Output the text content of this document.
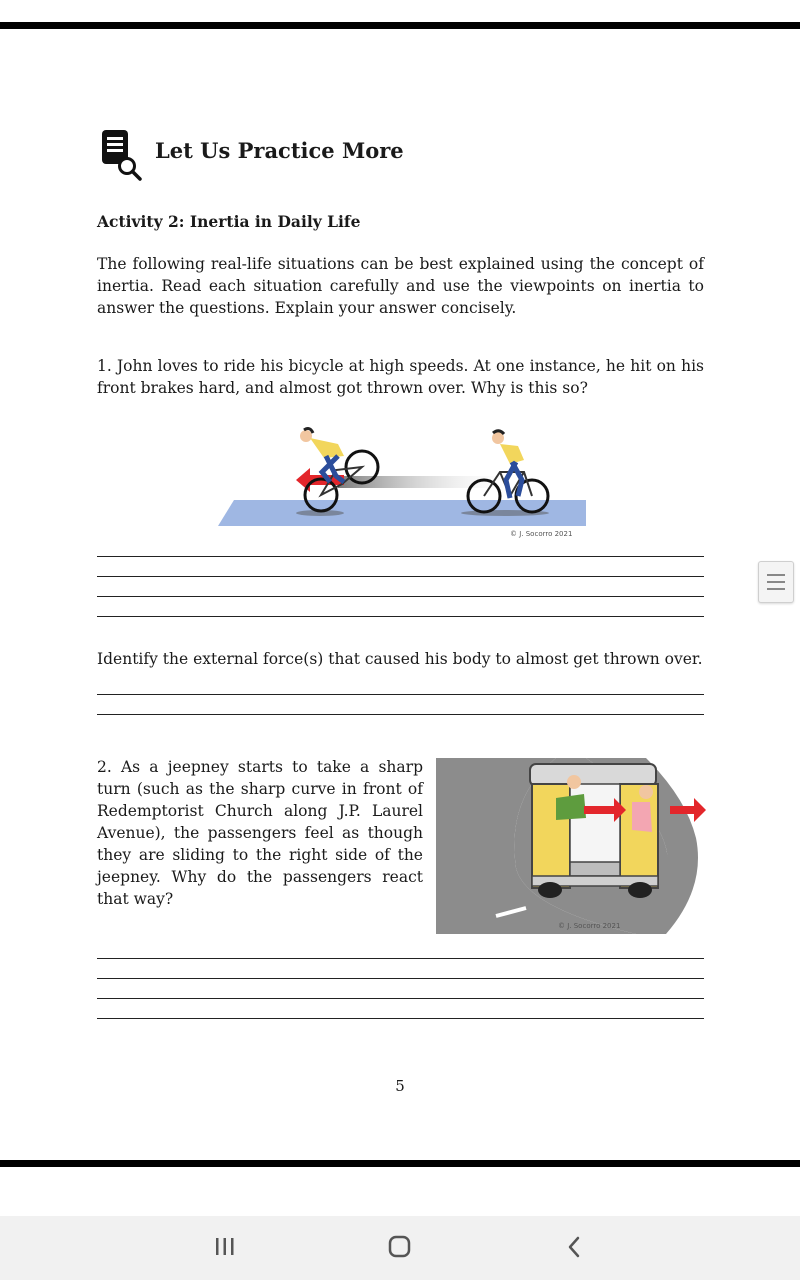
Let Us Practice More
Activity 2: Inertia in Daily Life
The following real-life situations can be best explained using the concept of inertia. Read each situation carefully and use the viewpoints on inertia to answer the questions. Explain your answer concisely.
1. John loves to ride his bicycle at high speeds. At one instance, he hit on his front brakes hard, and almost got thrown over. Why is this so?
© J. Socorro 2021
Identify the external force(s) that caused his body to almost get thrown over.
2. As a jeepney starts to take a sharp turn (such as the sharp curve in front of Redemptorist Church along J.P. Laurel Avenue), the passengers feel as though they are sliding to the right side of the jeepney. Why do the passengers react that way?
© J. Socorro 2021
5
